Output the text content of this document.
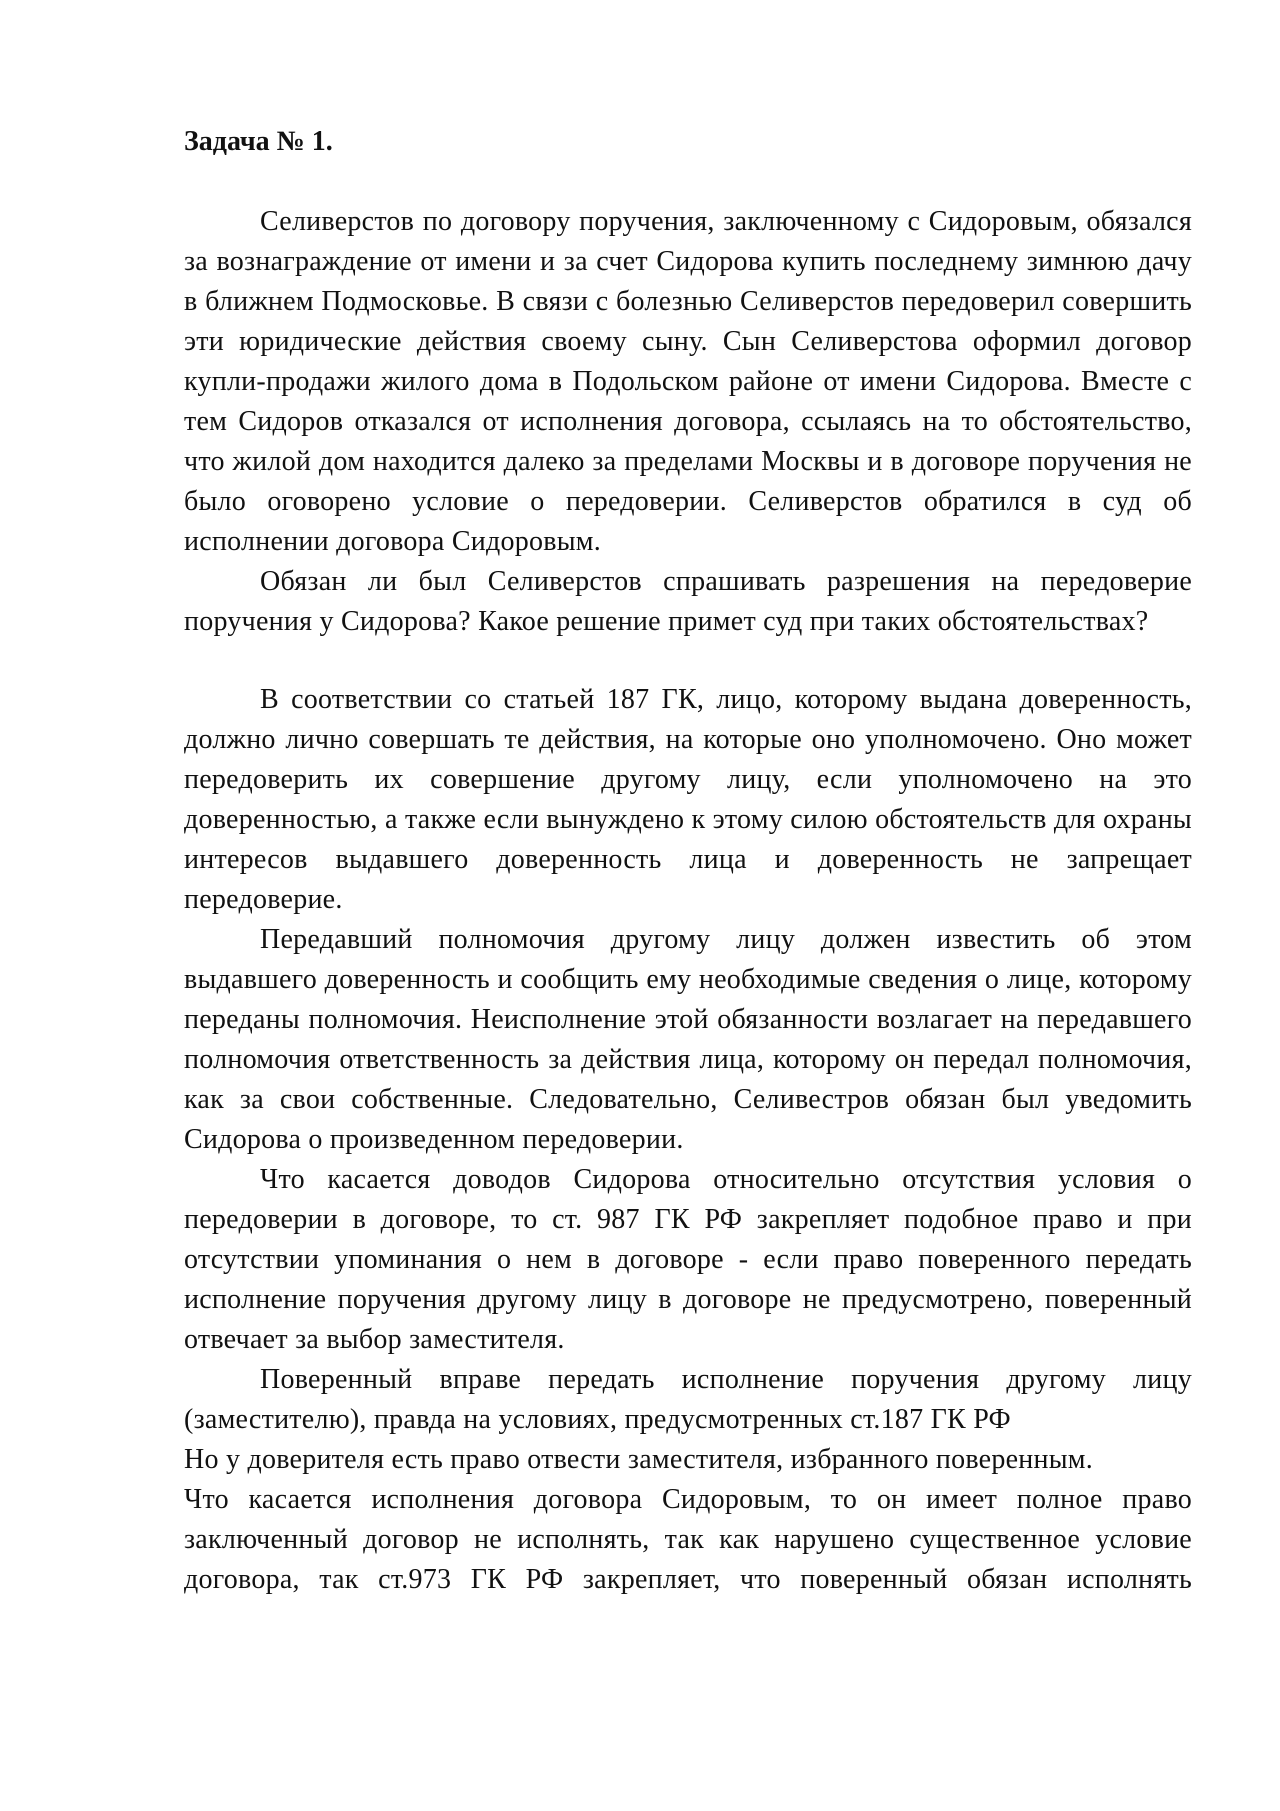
Задача № 1.

Селиверстов по договору поручения, заключенному с Сидоровым, обязался за вознаграждение от имени и за счет Сидорова купить последнему зимнюю дачу в ближнем Подмосковье. В связи с болезнью Селиверстов передоверил совершить эти юридические действия своему сыну. Сын Селиверстова оформил договор купли-продажи жилого дома в Подольском районе от имени Сидорова. Вместе с тем Сидоров отказался от исполнения договора, ссылаясь на то обстоятельство, что жилой дом находится далеко за пределами Москвы и в договоре поручения не было оговорено условие о передоверии. Селиверстов обратился в суд об исполнении договора Сидоровым.

Обязан ли был Селиверстов спрашивать разрешения на передоверие поручения у Сидорова? Какое решение примет суд при таких обстоятельствах?

В соответствии со статьей 187 ГК, лицо, которому выдана доверенность, должно лично совершать те действия, на которые оно уполномочено. Оно может передоверить их совершение другому лицу, если уполномочено на это доверенностью, а также если вынуждено к этому силою обстоятельств для охраны интересов выдавшего доверенность лица и доверенность не запрещает передоверие.

Передавший полномочия другому лицу должен известить об этом выдавшего доверенность и сообщить ему необходимые сведения о лице, которому переданы полномочия. Неисполнение этой обязанности возлагает на передавшего полномочия ответственность за действия лица, которому он передал полномочия, как за свои собственные. Следовательно, Селивестров обязан был уведомить Сидорова о произведенном передоверии.

Что касается доводов Сидорова относительно отсутствия условия о передоверии в договоре, то ст. 987 ГК РФ закрепляет подобное право и при отсутствии упоминания о нем в договоре - если право поверенного передать исполнение поручения другому лицу в договоре не предусмотрено, поверенный отвечает за выбор заместителя.

Поверенный вправе передать исполнение поручения другому лицу (заместителю), правда на условиях, предусмотренных ст.187 ГК РФ

Но у доверителя есть право отвести заместителя, избранного поверенным.

Что касается исполнения договора Сидоровым, то он имеет полное право заключенный договор не исполнять, так как нарушено существенное условие договора, так ст.973 ГК РФ закрепляет, что поверенный обязан исполнять
